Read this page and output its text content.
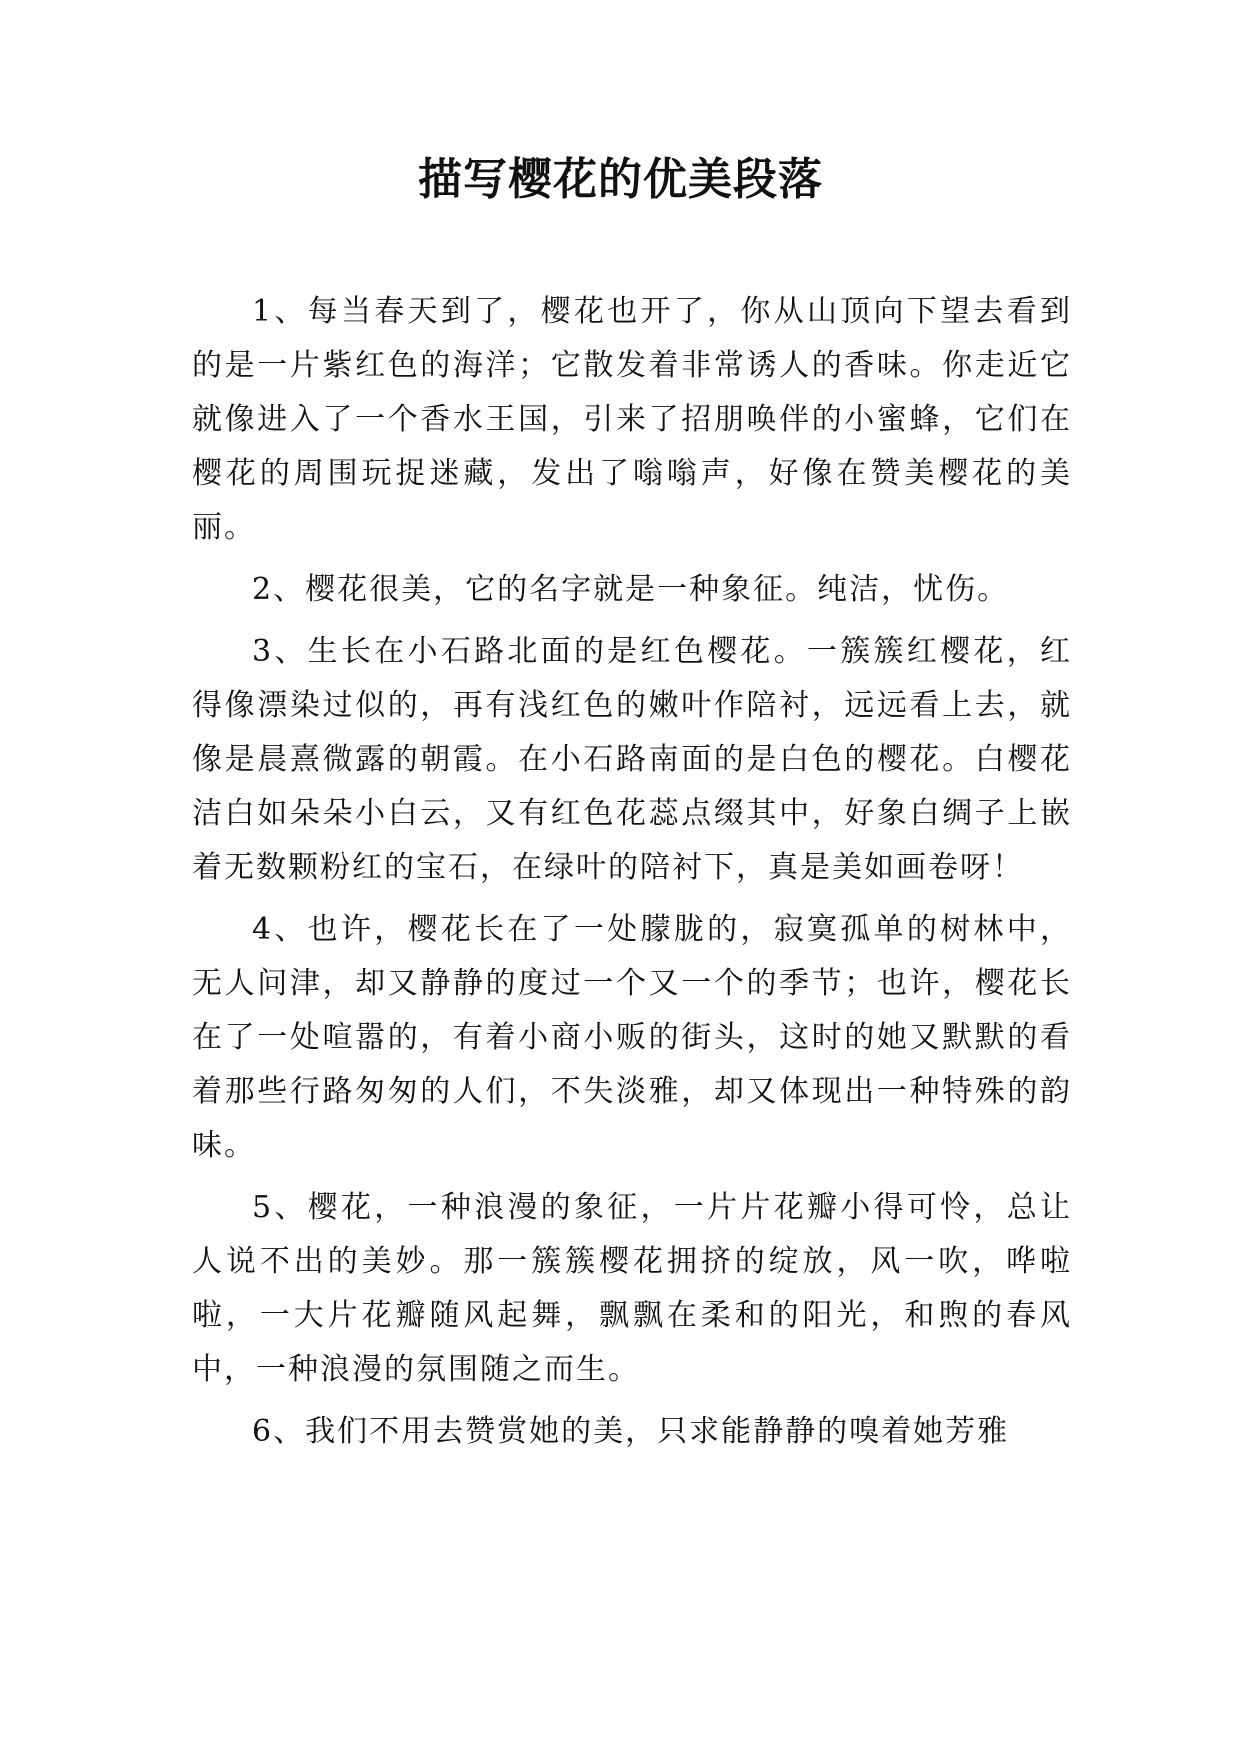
描写樱花的优美段落

1、每当春天到了，樱花也开了，你从山顶向下望去看到的是一片紫红色的海洋；它散发着非常诱人的香味。你走近它就像进入了一个香水王国，引来了招朋唤伴的小蜜蜂，它们在樱花的周围玩捉迷藏，发出了嗡嗡声，好像在赞美樱花的美丽。

2、樱花很美，它的名字就是一种象征。纯洁，忧伤。

3、生长在小石路北面的是红色樱花。一簇簇红樱花，红得像漂染过似的，再有浅红色的嫩叶作陪衬，远远看上去，就像是晨熹微露的朝霞。在小石路南面的是白色的樱花。白樱花洁白如朵朵小白云，又有红色花蕊点缀其中，好象白绸子上嵌着无数颗粉红的宝石，在绿叶的陪衬下，真是美如画卷呀！

4、也许，樱花长在了一处朦胧的，寂寞孤单的树林中，无人问津，却又静静的度过一个又一个的季节；也许，樱花长在了一处喧嚣的，有着小商小贩的街头，这时的她又默默的看着那些行路匆匆的人们，不失淡雅，却又体现出一种特殊的韵味。

5、樱花，一种浪漫的象征，一片片花瓣小得可怜，总让人说不出的美妙。那一簇簇樱花拥挤的绽放，风一吹，哗啦啦，一大片花瓣随风起舞，飘飘在柔和的阳光，和煦的春风中，一种浪漫的氛围随之而生。

6、我们不用去赞赏她的美，只求能静静的嗅着她芳雅
